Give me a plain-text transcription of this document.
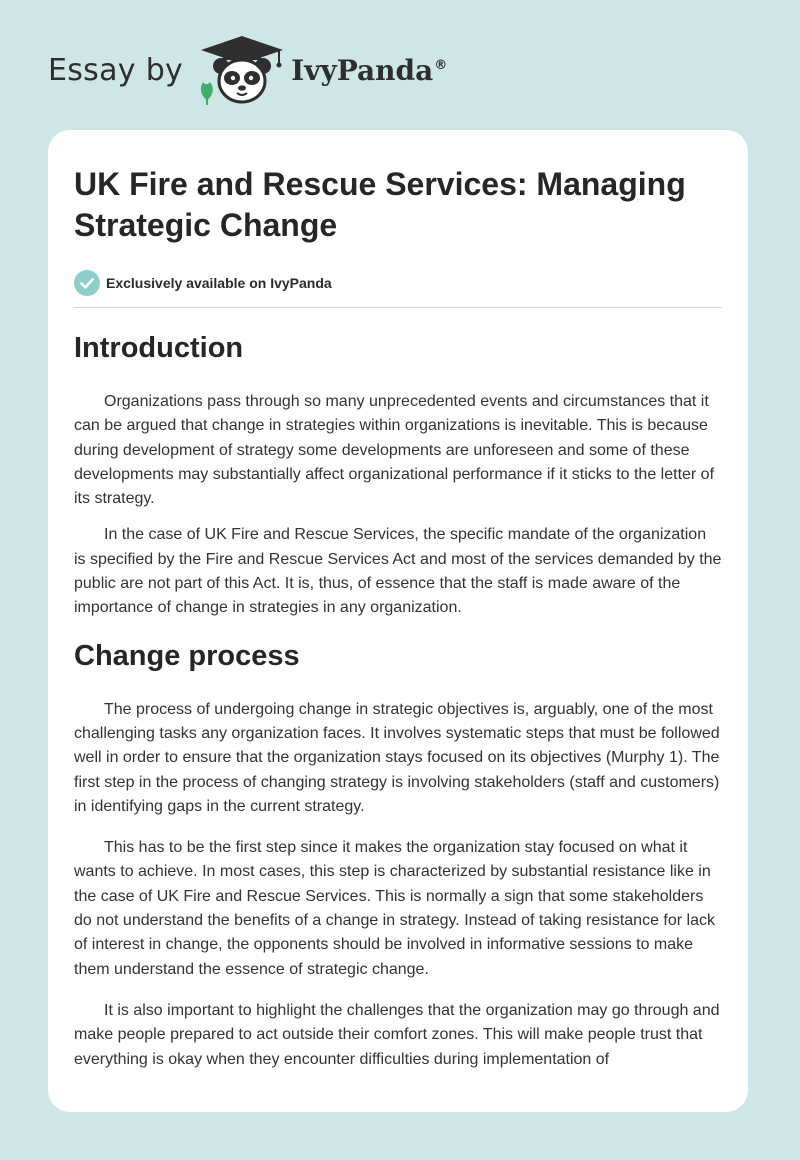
Essay by	IvyPanda®
UK Fire and Rescue Services: Managing Strategic Change
Exclusively available on IvyPanda
Introduction

Organizations pass through so many unprecedented events and circumstances that it can be argued that change in strategies within organizations is inevitable. This is because during development of strategy some developments are unforeseen and some of these developments may substantially affect organizational performance if it sticks to the letter of its strategy.

In the case of UK Fire and Rescue Services, the specific mandate of the organization is specified by the Fire and Rescue Services Act and most of the services demanded by the public are not part of this Act. It is, thus, of essence that the staff is made aware of the importance of change in strategies in any organization.

Change process

The process of undergoing change in strategic objectives is, arguably, one of the most challenging tasks any organization faces. It involves systematic steps that must be followed well in order to ensure that the organization stays focused on its objectives (Murphy 1). The first step in the process of changing strategy is involving stakeholders (staff and customers) in identifying gaps in the current strategy.

This has to be the first step since it makes the organization stay focused on what it wants to achieve. In most cases, this step is characterized by substantial resistance like in the case of UK Fire and Rescue Services. This is normally a sign that some stakeholders do not understand the benefits of a change in strategy. Instead of taking resistance for lack of interest in change, the opponents should be involved in informative sessions to make them understand the essence of strategic change.

It is also important to highlight the challenges that the organization may go through and make people prepared to act outside their comfort zones. This will make people trust that everything is okay when they encounter difficulties during implementation of
